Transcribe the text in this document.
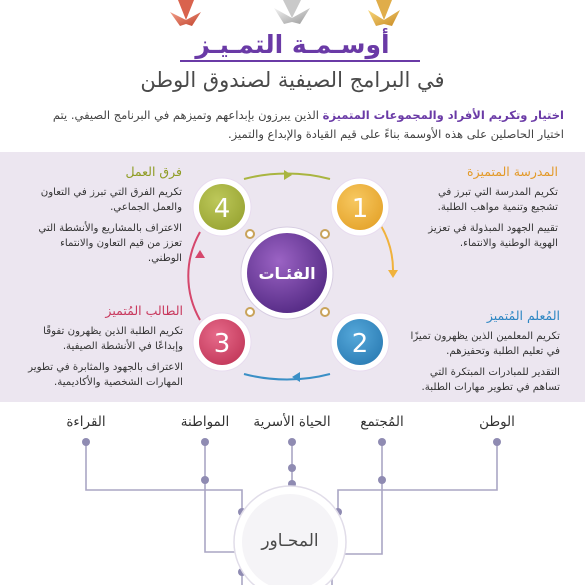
أوسـمـة التمـيـز
في البرامج الصيفية لصندوق الوطن
اختيار وتكريم الأفراد والمجموعات المتميزة الذين يبرزون بإبداعهم وتميزهم في البرنامج الصيفي. يتم اختيار الحاصلين على هذه الأوسمة بناءً على قيم القيادة والإبداع والتميز.
الفئـات
1
2
3
4
المدرسة المتميزة

تكريم المدرسة التي تبرز في تشجيع وتنمية مواهب الطلبة.

تقييم الجهود المبذولة في تعزيز الهوية الوطنية والانتماء.

المُعلم المُتميز

تكريم المعلمين الذين يظهرون تميزًا في تعليم الطلبة وتحفيزهم.

التقدير للمبادرات المبتكرة التي تساهم في تطوير مهارات الطلبة.

فرق العمل

تكريم الفرق التي تبرز في التعاون والعمل الجماعي.

الاعتراف بالمشاريع والأنشطة التي تعزز من قيم التعاون والانتماء الوطني.

الطالب المُتميز

تكريم الطلبة الذين يظهرون تفوقًا وإبداعًا في الأنشطة الصيفية.

الاعتراف بالجهود والمثابرة في تطوير المهارات الشخصية والأكاديمية.

المحـاور
الوطن
المُجتمع
الحياة الأسرية
المواطنة
القراءة
